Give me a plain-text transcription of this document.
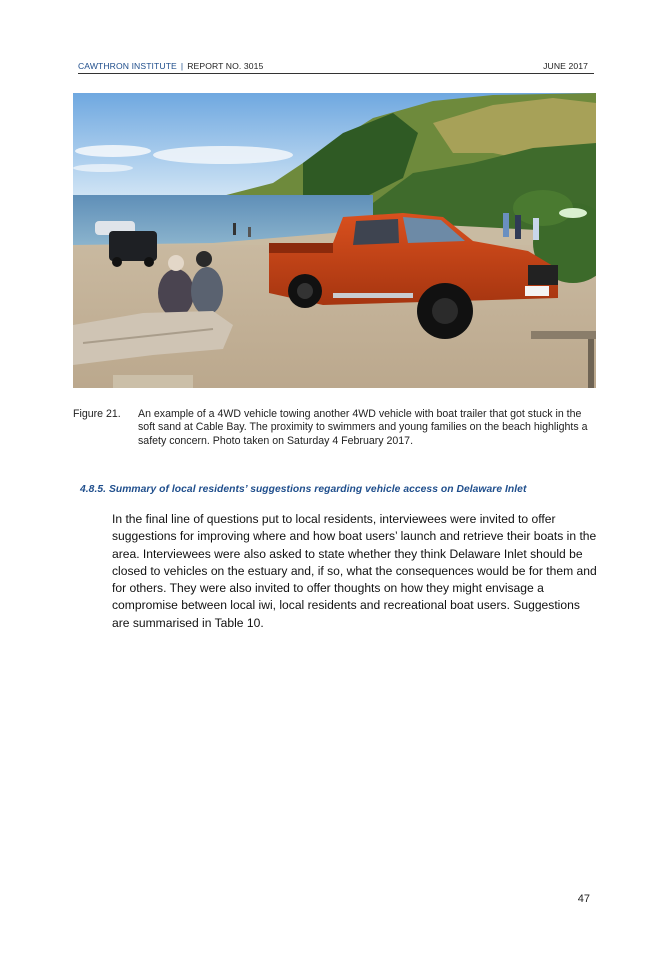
CAWTHRON INSTITUTE | REPORT NO. 3015	JUNE 2017
Figure 21. An example of a 4WD vehicle towing another 4WD vehicle with boat trailer that got stuck in the soft sand at Cable Bay. The proximity to swimmers and young families on the beach highlights a safety concern. Photo taken on Saturday 4 February 2017.
4.8.5. Summary of local residents’ suggestions regarding vehicle access on Delaware Inlet
In the final line of questions put to local residents, interviewees were invited to offer suggestions for improving where and how boat users’ launch and retrieve their boats in the area. Interviewees were also asked to state whether they think Delaware Inlet should be closed to vehicles on the estuary and, if so, what the consequences would be for them and for others. They were also invited to offer thoughts on how they might envisage a compromise between local iwi, local residents and recreational boat users. Suggestions are summarised in Table 10.
47
